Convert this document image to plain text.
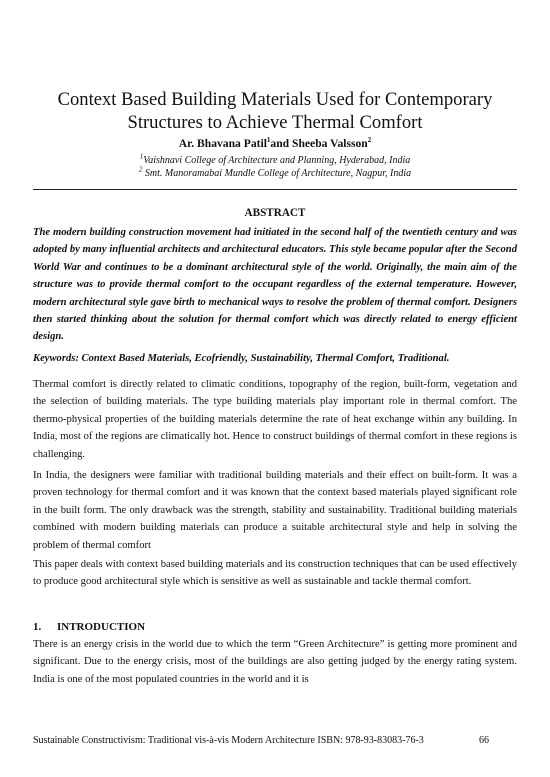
Context Based Building Materials Used for Contemporary
Structures to Achieve Thermal Comfort
Ar. Bhavana Patil$^1$and Sheeba Valsson$^2$
$^1$Vaishnavi College of Architecture and Planning, Hyderabad, India
$^2$ Smt. Manoramabai Mundle College of Architecture, Nagpur, India
ABSTRACT
The modern building construction movement had initiated in the second half of the twentieth century and was adopted by many influential architects and architectural educators. This style became popular after the Second World War and continues to be a dominant architectural style of the world. Originally, the main aim of the structure was to provide thermal comfort to the occupant regardless of the external temperature. However, modern architectural style gave birth to mechanical ways to resolve the problem of thermal comfort. Designers then started thinking about the solution for thermal comfort which was directly related to energy efficient design.
Keywords: Context Based Materials, Ecofriendly, Sustainability, Thermal Comfort, Traditional.
Thermal comfort is directly related to climatic conditions, topography of the region, built-form, vegetation and the selection of building materials. The type building materials play important role in thermal comfort. The thermo-physical properties of the building materials determine the rate of heat exchange within any building. In India, most of the regions are climatically hot. Hence to construct buildings of thermal comfort in these regions is challenging.
In India, the designers were familiar with traditional building materials and their effect on built-form. It was a proven technology for thermal comfort and it was known that the context based materials played significant role in the built form. The only drawback was the strength, stability and sustainability. Traditional building materials combined with modern building materials can produce a suitable architectural style and help in solving the problem of thermal comfort
This paper deals with context based building materials and its construction techniques that can be used effectively to produce good architectural style which is sensitive as well as sustainable and tackle thermal comfort.
1. INTRODUCTION
There is an energy crisis in the world due to which the term “Green Architecture” is getting more prominent and significant. Due to the energy crisis, most of the buildings are also getting judged by the energy rating system. India is one of the most populated countries in the world and it is
Sustainable Constructivism: Traditional vis-à-vis Modern Architecture ISBN: 978-93-83083-76-3	66
